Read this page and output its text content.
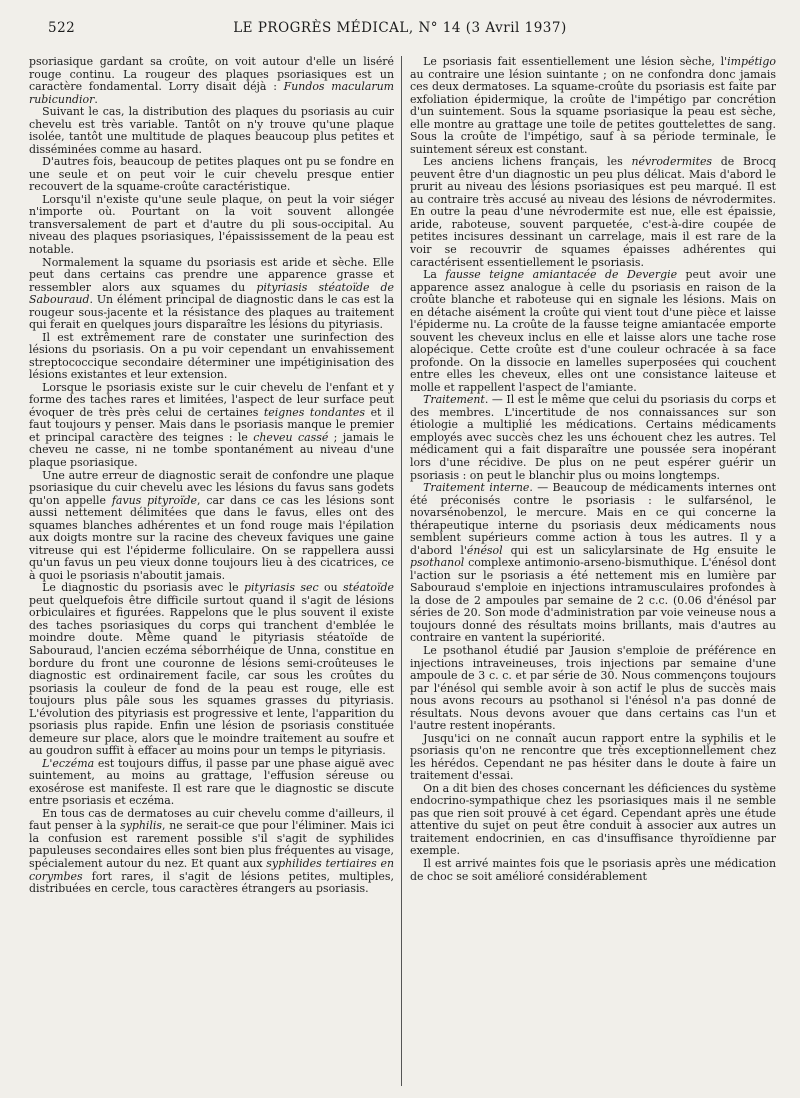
522	LE PROGRÈS MÉDICAL, N° 14 (3 Avril 1937)

psoriasique gardant sa croûte, on voit autour d'elle un liséré rouge continu. La rougeur des plaques psoriasiques est un caractère fondamental. Lorry disait déjà : Fundos macularum rubicundior.

Suivant le cas, la distribution des plaques du psoriasis au cuir chevelu est très variable. Tantôt on n'y trouve qu'une plaque isolée, tantôt une multitude de plaques beaucoup plus petites et disséminées comme au hasard.

D'autres fois, beaucoup de petites plaques ont pu se fondre en une seule et on peut voir le cuir chevelu presque entier recouvert de la squame-croûte caractéristique.

Lorsqu'il n'existe qu'une seule plaque, on peut la voir siéger n'importe où. Pourtant on la voit souvent allongée transversalement de part et d'autre du pli sous-occipital. Au niveau des plaques psoriasiques, l'épaississement de la peau est notable.

Normalement la squame du psoriasis est aride et sèche. Elle peut dans certains cas prendre une apparence grasse et ressembler alors aux squames du pityriasis stéatoïde de Sabouraud. Un élément principal de diagnostic dans le cas est la rougeur sous-jacente et la résistance des plaques au traitement qui ferait en quelques jours disparaître les lésions du pityriasis.

Il est extrêmement rare de constater une surinfection des lésions du psoriasis. On a pu voir cependant un envahissement streptococcique secondaire déterminer une impétiginisation des lésions existantes et leur extension.

Lorsque le psoriasis existe sur le cuir chevelu de l'enfant et y forme des taches rares et limitées, l'aspect de leur surface peut évoquer de très près celui de certaines teignes tondantes et il faut toujours y penser. Mais dans le psoriasis manque le premier et principal caractère des teignes : le cheveu cassé ; jamais le cheveu ne casse, ni ne tombe spontanément au niveau d'une plaque psoriasique.

Une autre erreur de diagnostic serait de confondre une plaque psoriasique du cuir chevelu avec les lésions du favus sans godets qu'on appelle favus pityroïde, car dans ce cas les lésions sont aussi nettement délimitées que dans le favus, elles ont des squames blanches adhérentes et un fond rouge mais l'épilation aux doigts montre sur la racine des cheveux faviques une gaine vitreuse qui est l'épiderme folliculaire. On se rappellera aussi qu'un favus un peu vieux donne toujours lieu à des cicatrices, ce à quoi le psoriasis n'aboutit jamais.

Le diagnostic du psoriasis avec le pityriasis sec ou stéatoïde peut quelquefois être difficile surtout quand il s'agit de lésions orbiculaires et figurées. Rappelons que le plus souvent il existe des taches psoriasiques du corps qui tranchent d'emblée le moindre doute. Même quand le pityriasis stéatoïde de Sabouraud, l'ancien eczéma séborrhéique de Unna, constitue en bordure du front une couronne de lésions semi-croûteuses le diagnostic est ordinairement facile, car sous les croûtes du psoriasis la couleur de fond de la peau est rouge, elle est toujours plus pâle sous les squames grasses du pityriasis. L'évolution des pityriasis est progressive et lente, l'apparition du psoriasis plus rapide. Enfin une lésion de psoriasis constituée demeure sur place, alors que le moindre traitement au soufre et au goudron suffit à effacer au moins pour un temps le pityriasis.

L'eczéma est toujours diffus, il passe par une phase aiguë avec suintement, au moins au grattage, l'effusion séreuse ou exosérose est manifeste. Il est rare que le diagnostic se discute entre psoriasis et eczéma.

En tous cas de dermatoses au cuir chevelu comme d'ailleurs, il faut penser à la syphilis, ne serait-ce que pour l'éliminer. Mais ici la confusion est rarement possible s'il s'agit de syphilides papuleuses secondaires elles sont bien plus fréquentes au visage, spécialement autour du nez. Et quant aux syphilides tertiaires en corymbes fort rares, il s'agit de lésions petites, multiples, distribuées en cercle, tous caractères étrangers au psoriasis.

Le psoriasis fait essentiellement une lésion sèche, l'impétigo au contraire une lésion suintante ; on ne confondra donc jamais ces deux dermatoses. La squame-croûte du psoriasis est faite par exfoliation épidermique, la croûte de l'impétigo par concrétion d'un suintement. Sous la squame psoriasique la peau est sèche, elle montre au grattage une toile de petites gouttelettes de sang. Sous la croûte de l'impétigo, sauf à sa période terminale, le suintement séreux est constant.

Les anciens lichens français, les névrodermites de Brocq peuvent être d'un diagnostic un peu plus délicat. Mais d'abord le prurit au niveau des lésions psoriasiques est peu marqué. Il est au contraire très accusé au niveau des lésions de névrodermites. En outre la peau d'une névrodermite est nue, elle est épaissie, aride, raboteuse, souvent parquetée, c'est-à-dire coupée de petites incisures dessinant un carrelage, mais il est rare de la voir se recouvrir de squames épaisses adhérentes qui caractérisent essentiellement le psoriasis.

La fausse teigne amiantacée de Devergie peut avoir une apparence assez analogue à celle du psoriasis en raison de la croûte blanche et raboteuse qui en signale les lésions. Mais on en détache aisément la croûte qui vient tout d'une pièce et laisse l'épiderme nu. La croûte de la fausse teigne amiantacée emporte souvent les cheveux inclus en elle et laisse alors une tache rose alopécique. Cette croûte est d'une couleur ochracée à sa face profonde. On la dissocie en lamelles superposées qui couchent entre elles les cheveux, elles ont une consistance laiteuse et molle et rappellent l'aspect de l'amiante.

Traitement. — Il est le même que celui du psoriasis du corps et des membres. L'incertitude de nos connaissances sur son étiologie a multiplié les médications. Certains médicaments employés avec succès chez les uns échouent chez les autres. Tel médicament qui a fait disparaître une poussée sera inopérant lors d'une récidive. De plus on ne peut espérer guérir un psoriasis : on peut le blanchir plus ou moins longtemps.

Traitement interne. — Beaucoup de médicaments internes ont été préconisés contre le psoriasis : le sulfarsénol, le novarsénobenzol, le mercure. Mais en ce qui concerne la thérapeutique interne du psoriasis deux médicaments nous semblent supérieurs comme action à tous les autres. Il y a d'abord l'énésol qui est un salicylarsinate de Hg ensuite le psothanol complexe antimonio-arseno-bismuthique. L'énésol dont l'action sur le psoriasis a été nettement mis en lumière par Sabouraud s'emploie en injections intramusculaires profondes à la dose de 2 ampoules par semaine de 2 c.c. (0.06 d'énésol par séries de 20. Son mode d'administration par voie veineuse nous a toujours donné des résultats moins brillants, mais d'autres au contraire en vantent la supériorité.

Le psothanol étudié par Jausion s'emploie de préférence en injections intraveineuses, trois injections par semaine d'une ampoule de 3 c. c. et par série de 30. Nous commençons toujours par l'énésol qui semble avoir à son actif le plus de succès mais nous avons recours au psothanol si l'énésol n'a pas donné de résultats. Nous devons avouer que dans certains cas l'un et l'autre restent inopérants.

Jusqu'ici on ne connaît aucun rapport entre la syphilis et le psoriasis qu'on ne rencontre que très exceptionnellement chez les hérédos. Cependant ne pas hésiter dans le doute à faire un traitement d'essai.

On a dit bien des choses concernant les déficiences du système endocrino-sympathique chez les psoriasiques mais il ne semble pas que rien soit prouvé à cet égard. Cependant après une étude attentive du sujet on peut être conduit à associer aux autres un traitement endocrinien, en cas d'insuffisance thyroïdienne par exemple.

Il est arrivé maintes fois que le psoriasis après une médication de choc se soit amélioré considérablement
